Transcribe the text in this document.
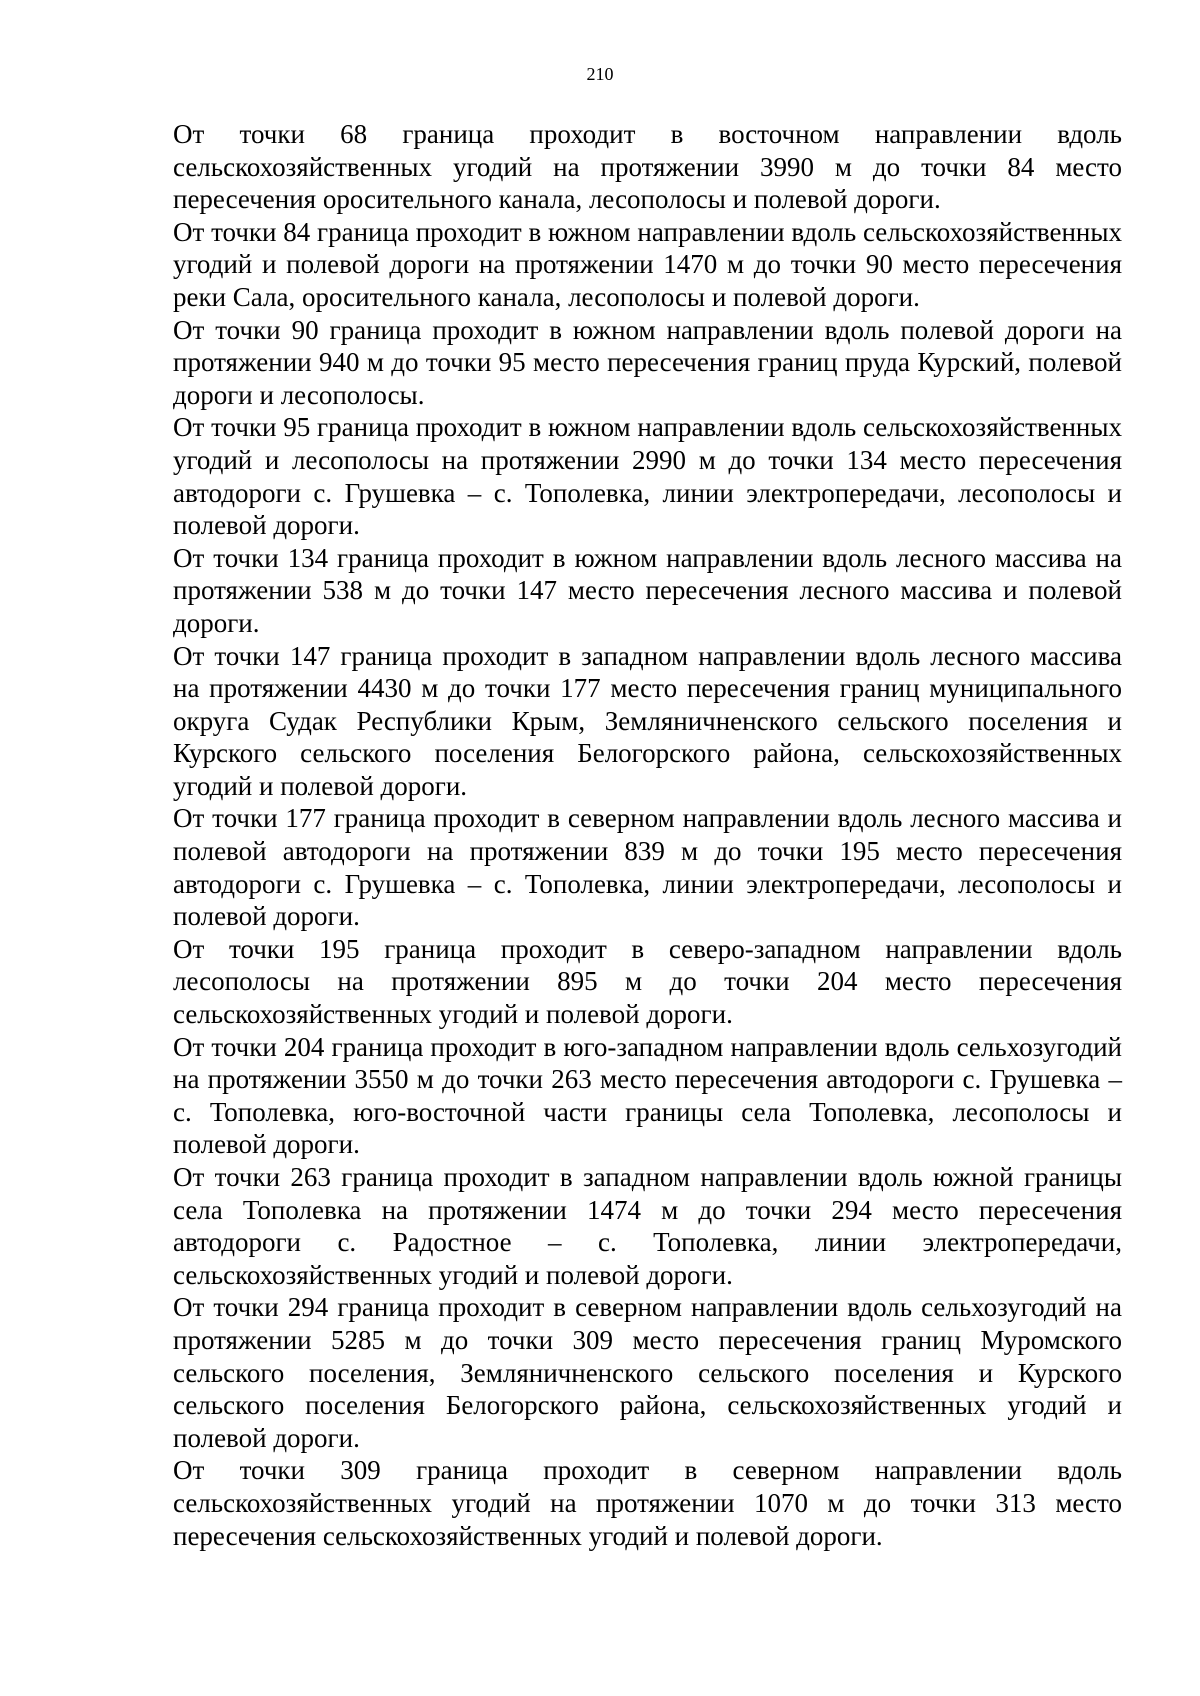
210

От точки 68 граница проходит в восточном направлении вдоль сельскохозяйственных угодий на протяжении 3990 м до точки 84 место пересечения оросительного канала, лесополосы и полевой дороги.

От точки 84 граница проходит в южном направлении вдоль сельскохозяйственных угодий и полевой дороги на протяжении 1470 м до точки 90 место пересечения реки Сала, оросительного канала, лесополосы и полевой дороги.

От точки 90 граница проходит в южном направлении вдоль полевой дороги на протяжении 940 м до точки 95 место пересечения границ пруда Курский, полевой дороги и лесополосы.

От точки 95 граница проходит в южном направлении вдоль сельскохозяйственных угодий и лесополосы на протяжении 2990 м до точки 134 место пересечения автодороги с. Грушевка – с. Тополевка, линии электропередачи, лесополосы и полевой дороги.

От точки 134 граница проходит в южном направлении вдоль лесного массива на протяжении 538 м до точки 147 место пересечения лесного массива и полевой дороги.

От точки 147 граница проходит в западном направлении вдоль лесного массива на протяжении 4430 м до точки 177 место пересечения границ муниципального округа Судак Республики Крым, Земляничненского сельского поселения и Курского сельского поселения Белогорского района, сельскохозяйственных угодий и полевой дороги.

От точки 177 граница проходит в северном направлении вдоль лесного массива и полевой автодороги на протяжении 839 м до точки 195 место пересечения автодороги с. Грушевка – с. Тополевка, линии электропередачи, лесополосы и полевой дороги.

От точки 195 граница проходит в северо-западном направлении вдоль лесополосы на протяжении 895 м до точки 204 место пересечения сельскохозяйственных угодий и полевой дороги.

От точки 204 граница проходит в юго-западном направлении вдоль сельхозугодий на протяжении 3550 м до точки 263 место пересечения автодороги с. Грушевка – с. Тополевка, юго-восточной части границы села Тополевка, лесополосы и полевой дороги.

От точки 263 граница проходит в западном направлении вдоль южной границы села Тополевка на протяжении 1474 м до точки 294 место пересечения автодороги с. Радостное – с. Тополевка, линии электропередачи, сельскохозяйственных угодий и полевой дороги.

От точки 294 граница проходит в северном направлении вдоль сельхозугодий на протяжении 5285 м до точки 309 место пересечения границ Муромского сельского поселения, Земляничненского сельского поселения и Курского сельского поселения Белогорского района, сельскохозяйственных угодий и полевой дороги.

От точки 309 граница проходит в северном направлении вдоль сельскохозяйственных угодий на протяжении 1070 м до точки 313 место пересечения сельскохозяйственных угодий и полевой дороги.
